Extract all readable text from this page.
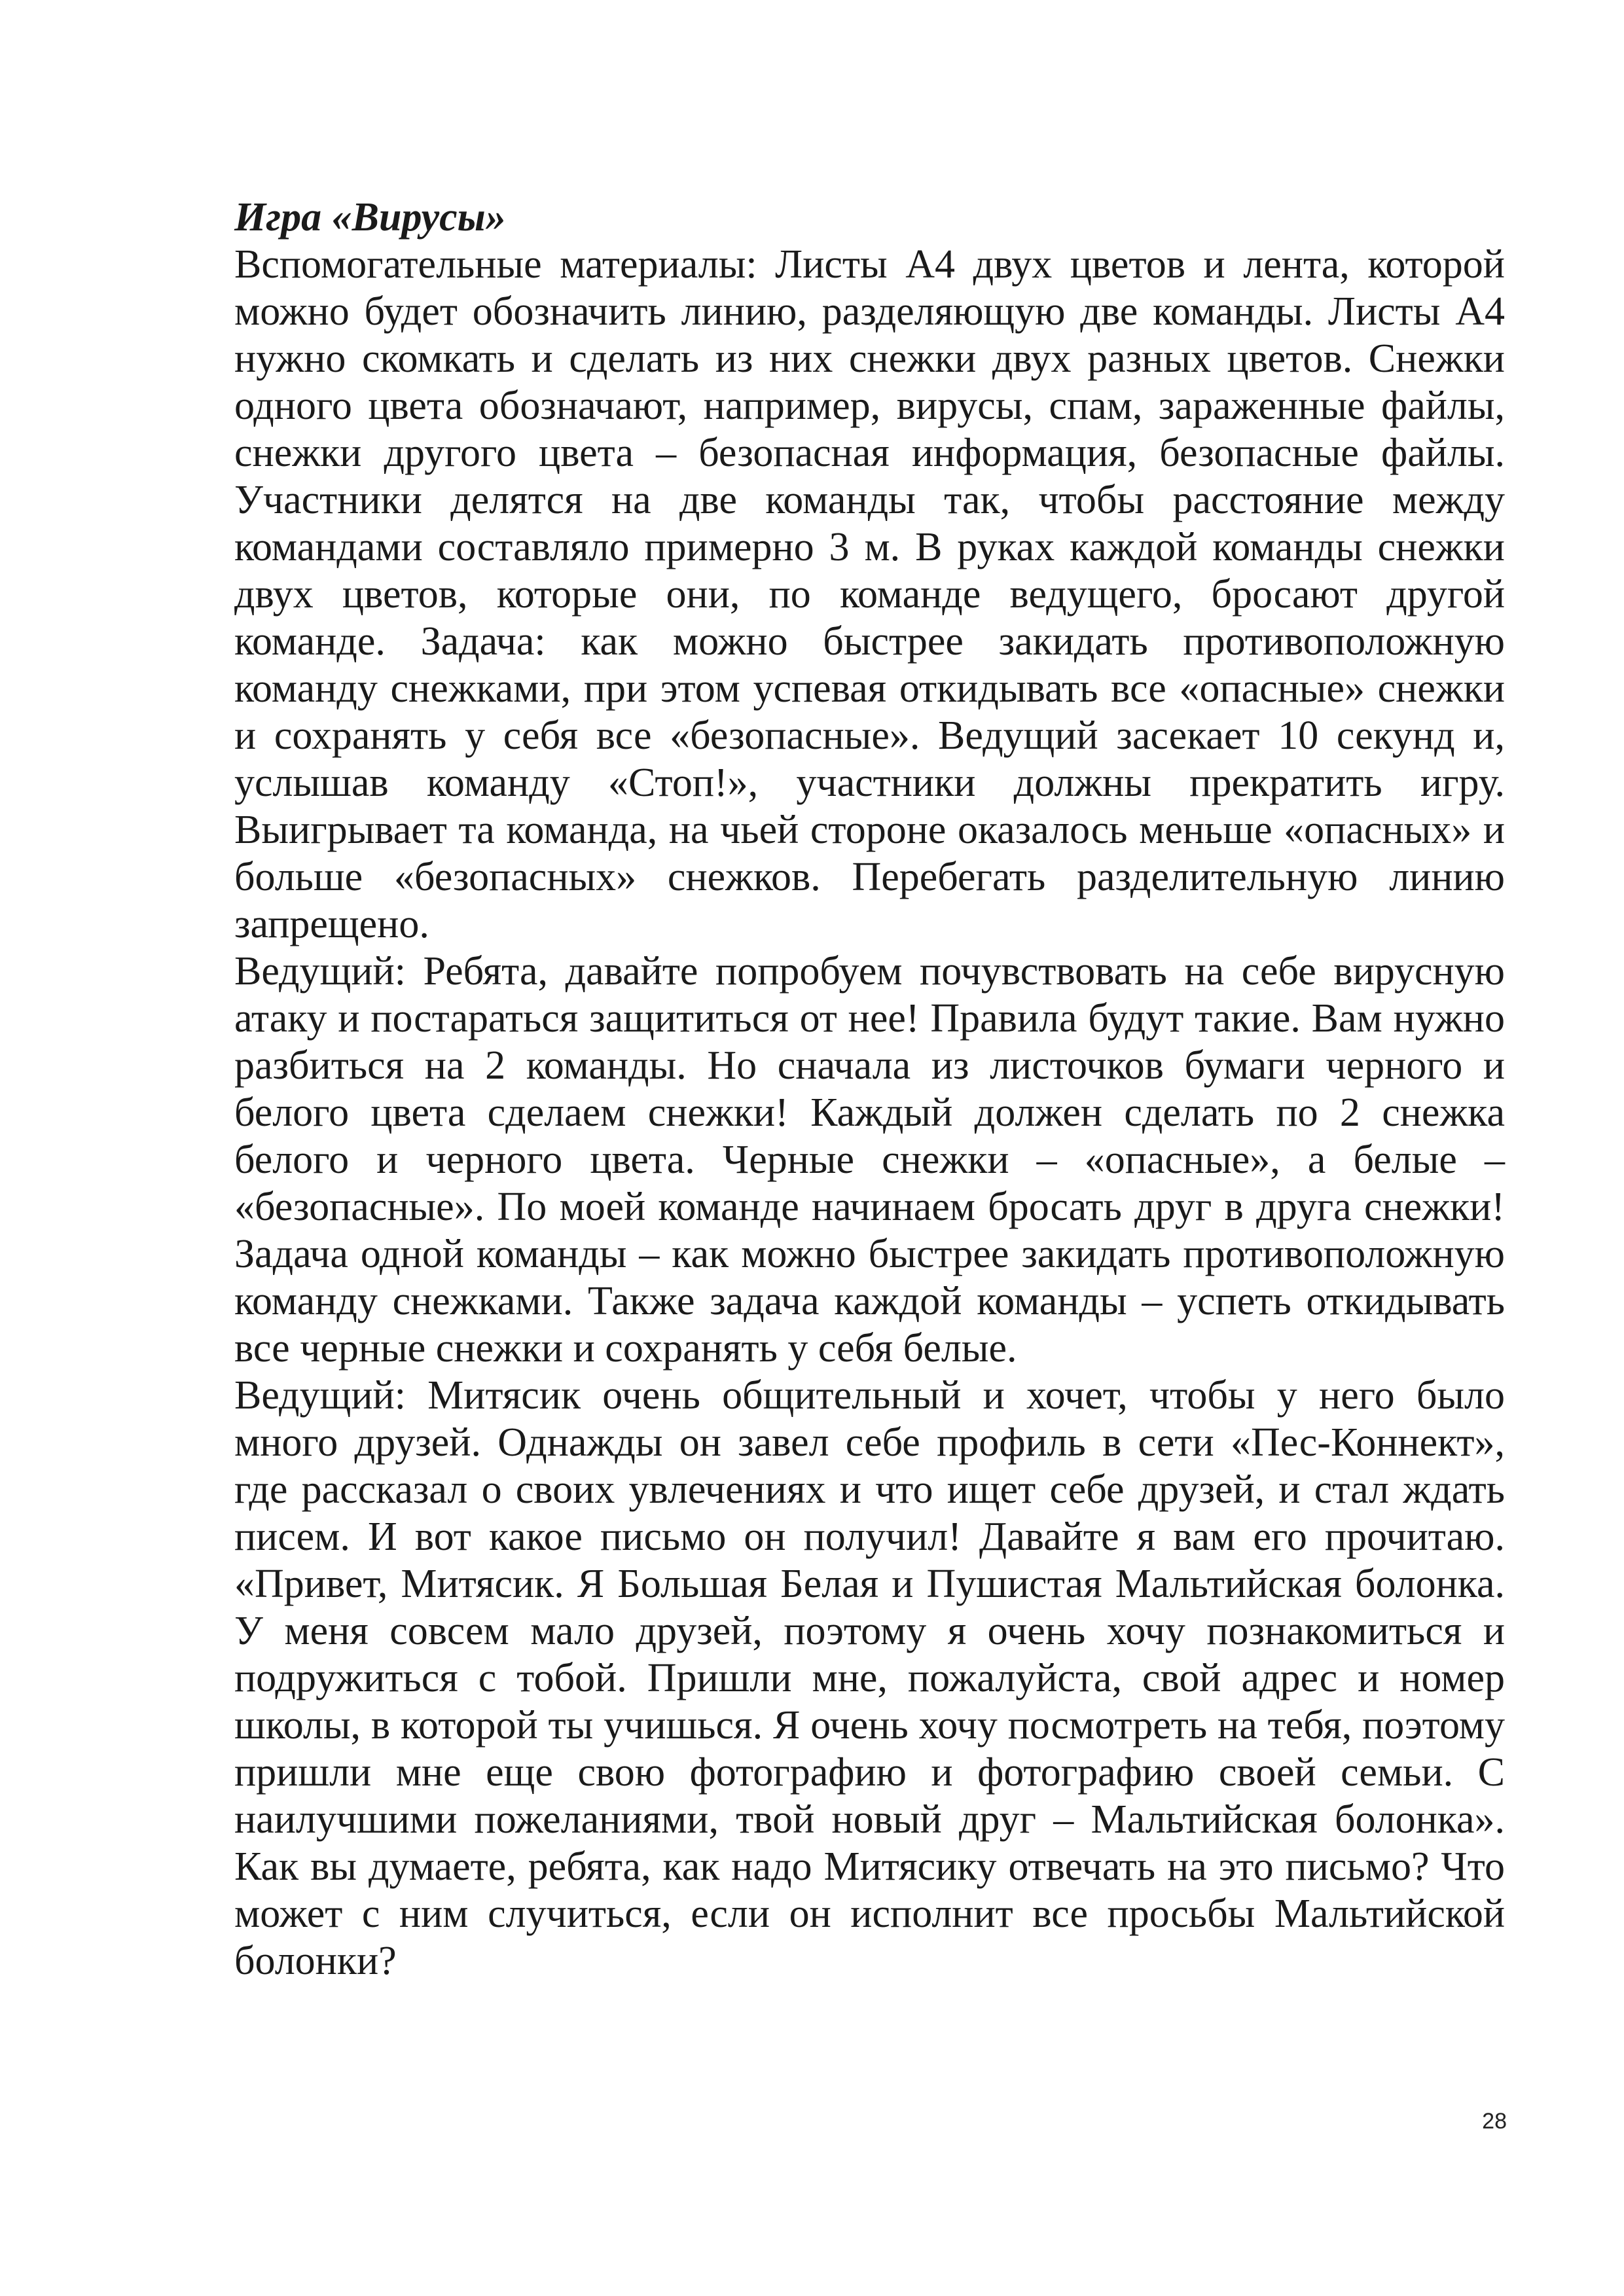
Игра «Вирусы»

Вспомогательные материалы: Листы А4 двух цветов и лента, которой можно будет обозначить линию, разделяющую две команды. Листы А4 нужно скомкать и сделать из них снежки двух разных цветов. Снежки одного цвета обозначают, например, вирусы, спам, зараженные файлы, снежки другого цвета – безопасная информация, безопасные файлы. Участники делятся на две команды так, чтобы расстояние между командами составляло примерно 3 м. В руках каждой команды снежки двух цветов, которые они, по команде ведущего, бросают другой команде. Задача: как можно быстрее закидать противоположную команду снежками, при этом успевая откидывать все «опасные» снежки и сохранять у себя все «безопасные». Ведущий засекает 10 секунд и, услышав команду «Стоп!», участники должны прекратить игру. Выигрывает та команда, на чьей стороне оказалось меньше «опасных» и больше «безопасных» снежков. Перебегать разделительную линию запрещено.

Ведущий: Ребята, давайте попробуем почувствовать на себе вирусную атаку и постараться защититься от нее! Правила будут такие. Вам нужно разбиться на 2 команды. Но сначала из листочков бумаги черного и белого цвета сделаем снежки! Каждый должен сделать по 2 снежка белого и черного цвета. Черные снежки – «опасные», а белые – «безопасные». По моей команде начинаем бросать друг в друга снежки! Задача одной команды – как можно быстрее закидать противоположную команду снежками. Также задача каждой команды – успеть откидывать все черные снежки и сохранять у себя белые.

Ведущий: Митясик очень общительный и хочет, чтобы у него было много друзей. Однажды он завел себе профиль в сети «Пес-Коннект», где рассказал о своих увлечениях и что ищет себе друзей, и стал ждать писем. И вот какое письмо он получил! Давайте я вам его прочитаю. «Привет, Митясик. Я Большая Белая и Пушистая Мальтийская болонка. У меня совсем мало друзей, поэтому я очень хочу познакомиться и подружиться с тобой. Пришли мне, пожалуйста, свой адрес и номер школы, в которой ты учишься. Я очень хочу посмотреть на тебя, поэтому пришли мне еще свою фотографию и фотографию своей семьи. С наилучшими пожеланиями, твой новый друг – Мальтийская болонка». Как вы думаете, ребята, как надо Митясику отвечать на это письмо? Что может с ним случиться, если он исполнит все просьбы Мальтийской болонки?

28
